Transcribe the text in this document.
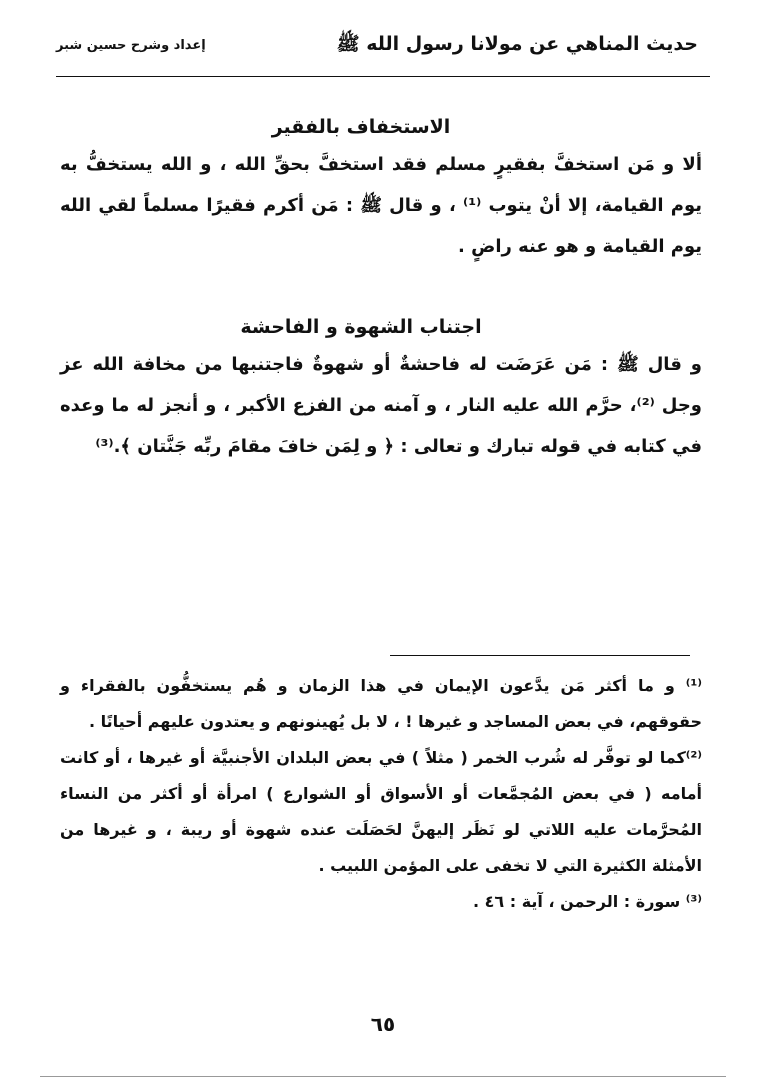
حديث المناهي عن مولانا رسول الله ﷺ
إعداد وشرح حسين شبر
الاستخفاف بالفقير

ألا و مَن استخفَّ بفقيرٍ مسلم فقد استخفَّ بحقِّ الله ، و الله يستخفُّ به يوم القيامة، إلا أنْ يتوب ⁽¹⁾ ، و قال ﷺ : مَن أكرم فقيرًا مسلماً لقي الله يوم القيامة و هو عنه راضٍ .

اجتناب الشهوة و الفاحشة

و قال ﷺ : مَن عَرَضَت له فاحشةٌ أو شهوةٌ فاجتنبها من مخافة الله عز وجل ⁽²⁾، حرَّم الله عليه النار ، و آمنه من الفزع الأكبر ، و أنجز له ما وعده في كتابه في قوله تبارك و تعالى : ﴿ و لِمَن خافَ مقامَ ربِّه جَنَّتان ﴾.⁽³⁾

⁽¹⁾ و ما أكثر مَن يدَّعون الإيمان في هذا الزمان و هُم يستخفُّون بالفقراء و حقوقهم، في بعض المساجد و غيرها ! ، لا بل يُهينونهم و يعتدون عليهم أحيانًا .

⁽²⁾كما لو توفَّر له شُرب الخمر ( مثلاً ) في بعض البلدان الأجنبيَّة أو غيرها ، أو كانت أمامه ( في بعض المُجمَّعات أو الأسواق أو الشوارع ) امرأة أو أكثر من النساء المُحرَّمات عليه اللاتي لو نَظَر إليهنَّ لحَصَلَت عنده شهوة أو ريبة ، و غيرها من الأمثلة الكثيرة التي لا تخفى على المؤمن اللبيب .

⁽³⁾ سورة : الرحمن ، آية : ٤٦ .

٦٥
